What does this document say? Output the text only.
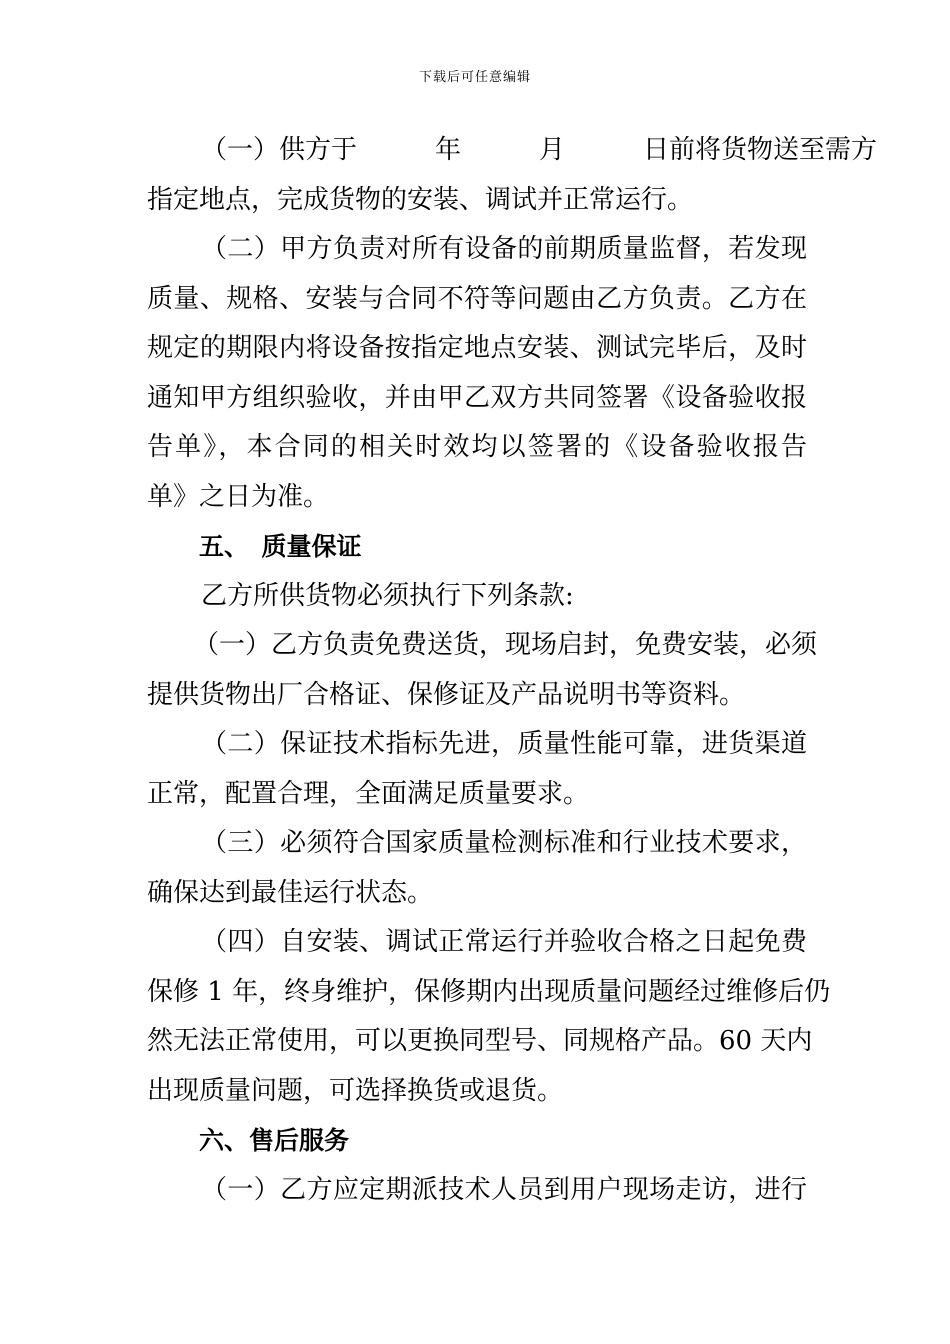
下载后可任意编辑
（一）供方于　　　年　　　月　　　日前将货物送至需方
指定地点，完成货物的安装、调试并正常运行。
（二）甲方负责对所有设备的前期质量监督，若发现
质量、规格、安装与合同不符等问题由乙方负责。乙方在
规定的期限内将设备按指定地点安装、测试完毕后，及时
通知甲方组织验收，并由甲乙双方共同签署《设备验收报
告单》，本合同的相关时效均以签署的《设备验收报告
单》之日为准。
五、　质量保证
乙方所供货物必须执行下列条款:
（一）乙方负责免费送货，现场启封，免费安装，必须
提供货物出厂合格证、保修证及产品说明书等资料。
（二）保证技术指标先进，质量性能可靠，进货渠道
正常，配置合理，全面满足质量要求。
（三）必须符合国家质量检测标准和行业技术要求，
确保达到最佳运行状态。
（四）自安装、调试正常运行并验收合格之日起免费
保修 1 年，终身维护，保修期内出现质量问题经过维修后仍
然无法正常使用，可以更换同型号、同规格产品。60 天内
出现质量问题，可选择换货或退货。
六、售后服务
（一）乙方应定期派技术人员到用户现场走访，进行
